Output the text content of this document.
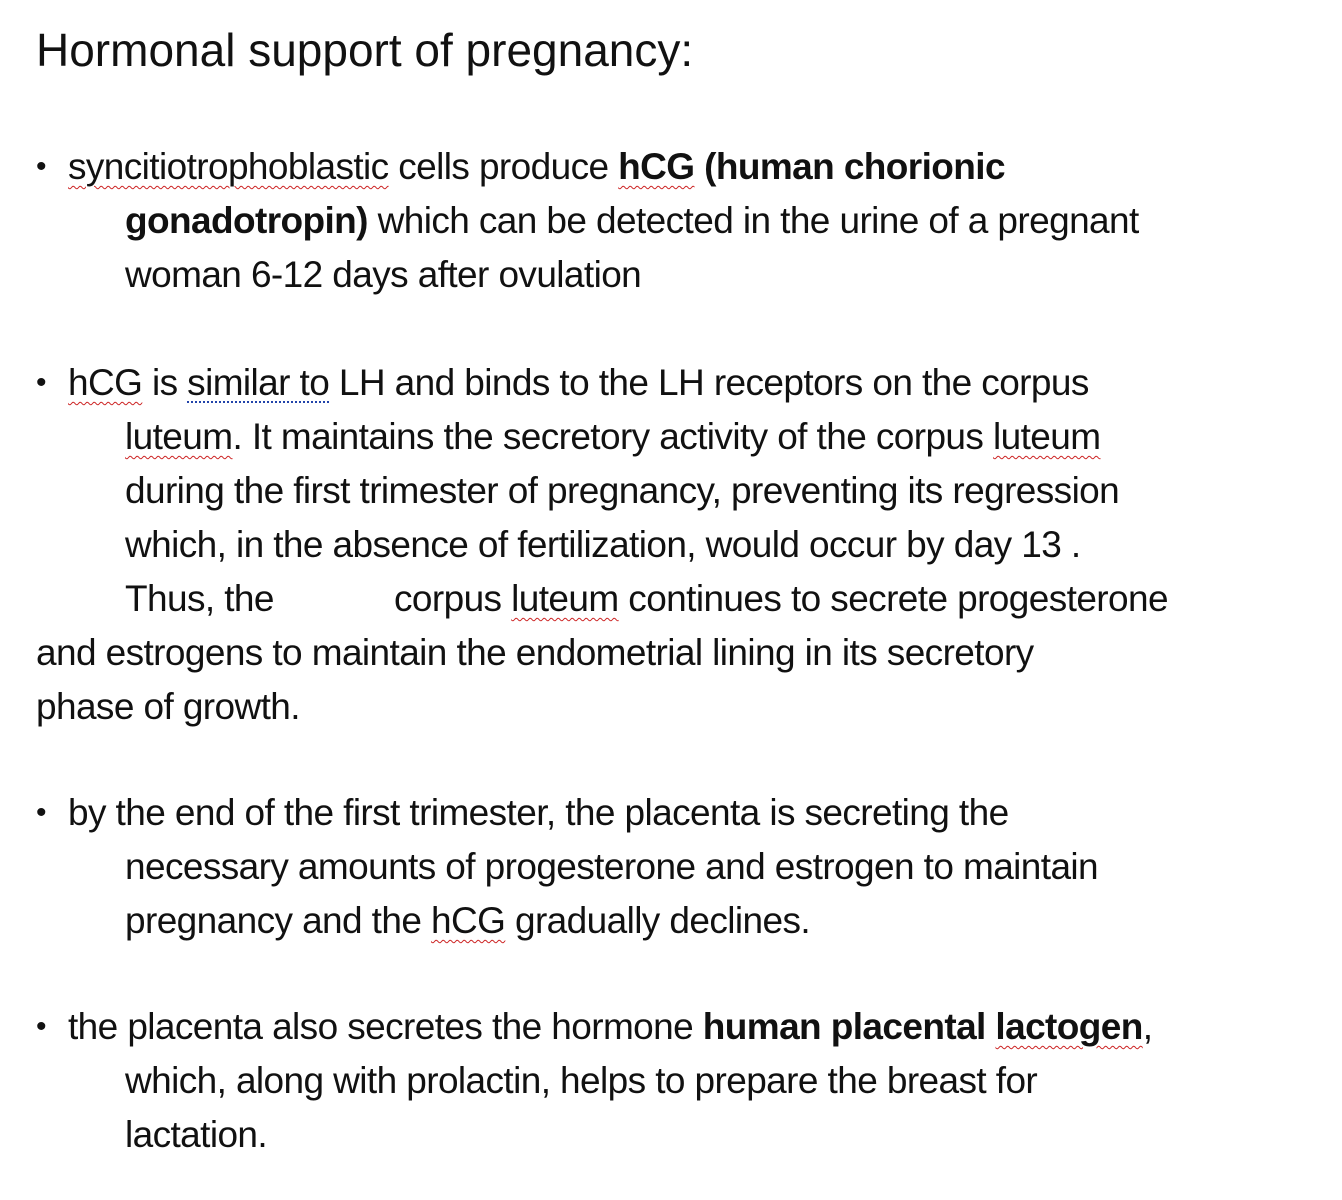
Hormonal support of pregnancy:
• syncitiotrophoblastic cells produce hCG (human chorionic
gonadotropin) which can be detected in the urine of a pregnant
woman 6-12 days after ovulation
• hCG is similar to LH and binds to the LH receptors on the corpus
luteum. It maintains the secretory activity of the corpus luteum
during the first trimester of pregnancy, preventing its regression
which, in the absence of fertilization, would occur by day 13 .
Thus, the	corpus luteum continues to secrete progesterone
and estrogens to maintain the endometrial lining in its secretory
phase of growth.
• by the end of the first trimester, the placenta is secreting the
necessary amounts of progesterone and estrogen to maintain
pregnancy and the hCG gradually declines.
• the placenta also secretes the hormone human placental lactogen,
which, along with prolactin, helps to prepare the breast for
lactation.
